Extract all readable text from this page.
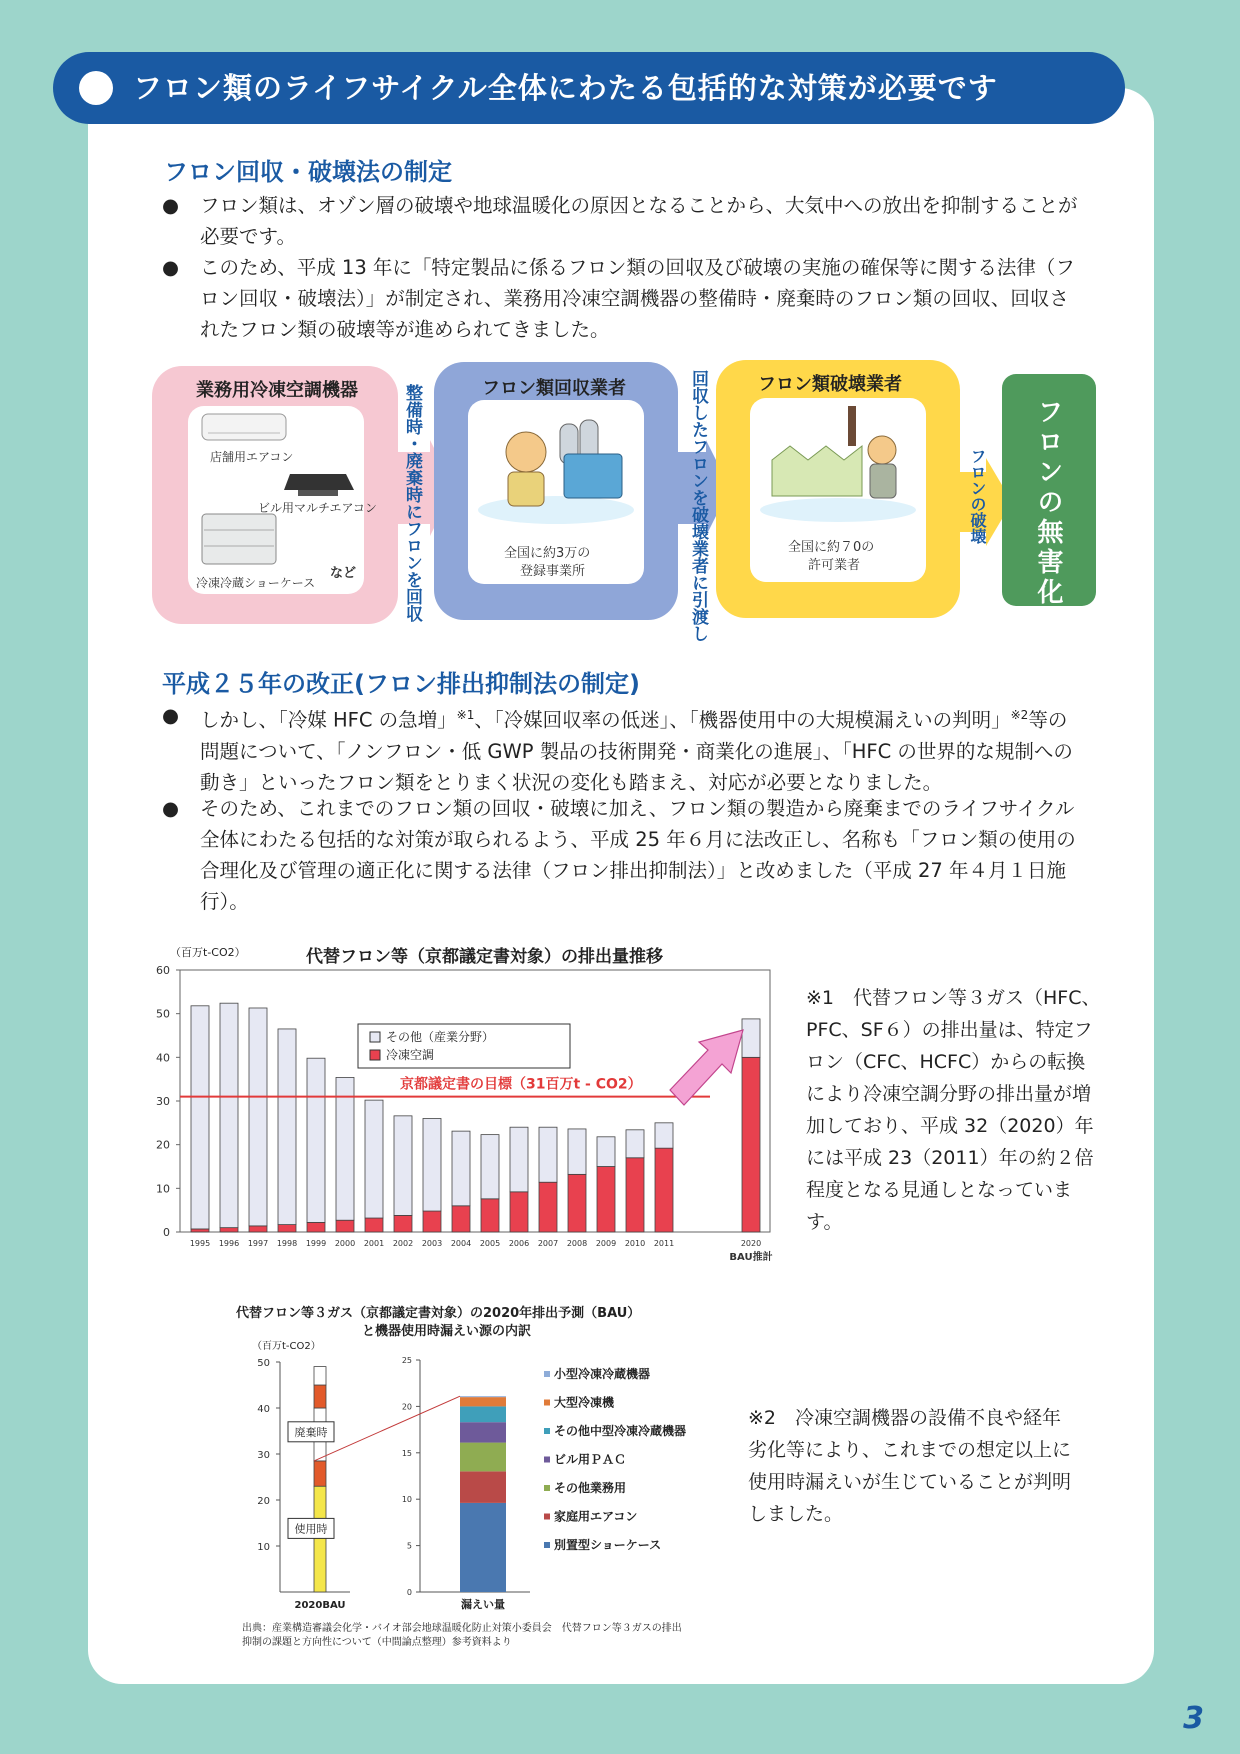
フロン類のライフサイクル全体にわたる包括的な対策が必要です
フロン回収・破壊法の制定
● フロン類は、オゾン層の破壊や地球温暖化の原因となることから、大気中への放出を抑制することが必要です。
● このため、平成 13 年に「特定製品に係るフロン類の回収及び破壊の実施の確保等に関する法律（フロン回収・破壊法）」が制定され、業務用冷凍空調機器の整備時・廃棄時のフロン類の回収、回収されたフロン類の破壊等が進められてきました。
業務用冷凍空調機器
店舗用エアコン
ビル用マルチエアコン
冷凍冷蔵ショーケース
など	整備時・廃棄時にフロンを回収	フロン類回収業者
全国に約3万の
登録事業所	回収したフロンを破壊業者に引渡し	フロン類破壊業者
全国に約７0の
許可業者
フロンの破壊 フロンの無害化
平成２５年の改正(フロン排出抑制法の制定)
● しかし、「冷媒 HFC の急増」$^{※1}$、「冷媒回収率の低迷」、「機器使用中の大規模漏えいの判明」$^{※2}$等の問題について、「ノンフロン・低 GWP 製品の技術開発・商業化の進展」、「HFC の世界的な規制への動き」といったフロン類をとりまく状況の変化も踏まえ、対応が必要となりました。
● そのため、これまでのフロン類の回収・破壊に加え、フロン類の製造から廃棄までのライフサイクル全体にわたる包括的な対策が取られるよう、平成 25 年６月に法改正し、名称も「フロン類の使用の合理化及び管理の適正化に関する法律（フロン排出抑制法）」と改めました（平成 27 年４月１日施行）。
（百万t-CO2）	代替フロン等（京都議定書対象）の排出量推移
0
10
20
30
40
50
60
1995 1996 1997 1998 1999 2000 2001 2002 2003 2004 2005 2006 2007 2008 2009 2010 2011	2020
BAU推計
京都議定書の目標（31百万t - CO2）
その他（産業分野）
冷凍空調
※1　代替フロン等３ガス（HFC、PFC、SF６）の排出量は、特定フロン（CFC、HCFC）からの転換により冷凍空調分野の排出量が増加しており、平成 32（2020）年には平成 23（2011）年の約２倍程度となる見通しとなっています。
代替フロン等３ガス（京都議定書対象）の2020年排出予測（BAU）
と機器使用時漏えい源の内訳
（百万t-CO2）
10
20
30
40
50
廃棄時
使用時
2020BAU
0
5
10
15
20
25
漏えい量
小型冷凍冷蔵機器
大型冷凍機
その他中型冷凍冷蔵機器
ビル用ＰＡＣ
その他業務用
家庭用エアコン
別置型ショーケース
出典：産業構造審議会化学・バイオ部会地球温暖化防止対策小委員会　代替フロン等３ガスの排出抑制の課題と方向性について（中間論点整理）参考資料より
※2　冷凍空調機器の設備不良や経年劣化等により、これまでの想定以上に使用時漏えいが生じていることが判明しました。
3
